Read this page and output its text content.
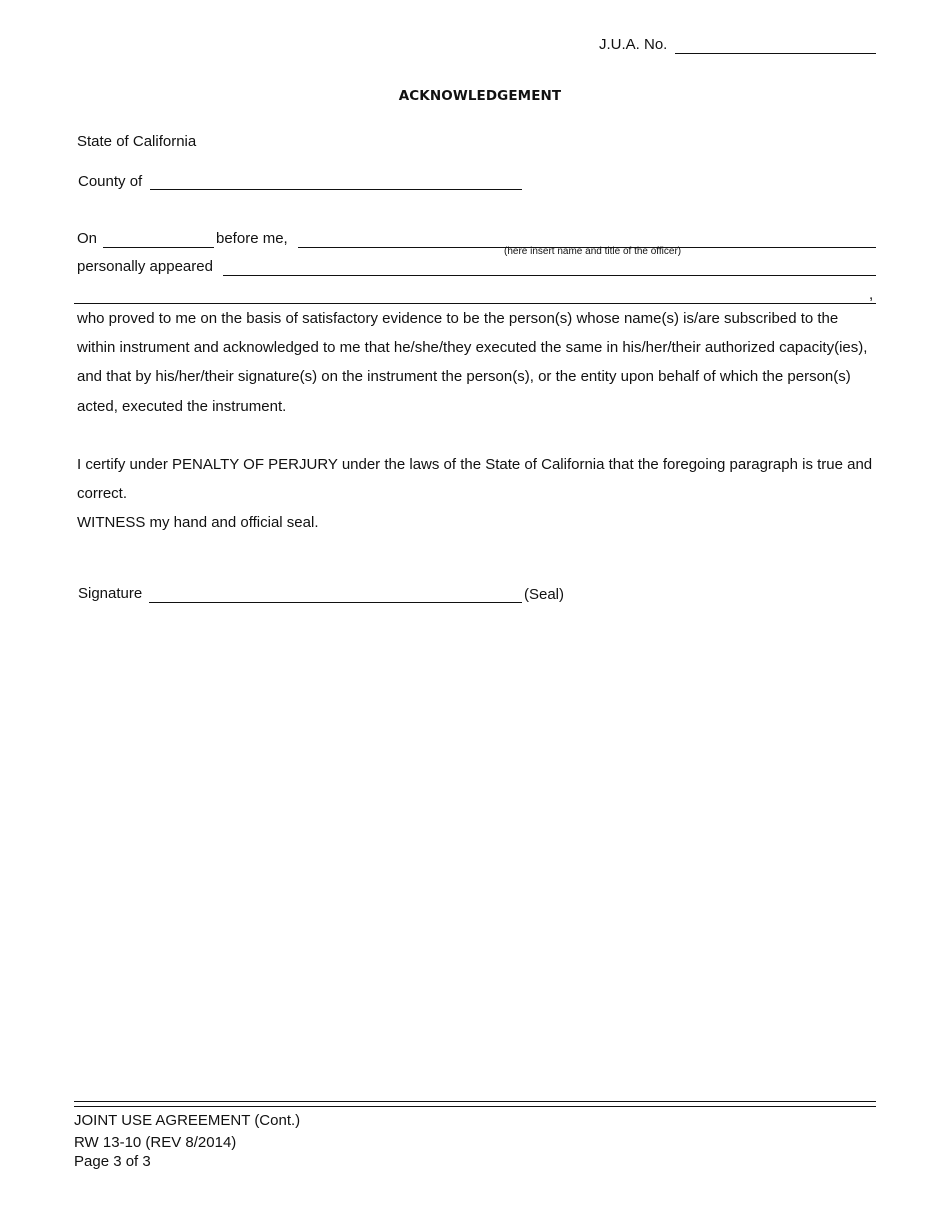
J.U.A. No.
ACKNOWLEDGEMENT
State of California
County of
On	before me,
(here insert name and title of the officer)
personally appeared
,
who proved to me on the basis of satisfactory evidence to be the person(s) whose name(s) is/are subscribed to the within instrument and acknowledged to me that he/she/they executed the same in his/her/their authorized capacity(ies), and that by his/her/their signature(s) on the instrument the person(s), or the entity upon behalf of which the person(s) acted, executed the instrument.
I certify under PENALTY OF PERJURY under the laws of the State of California that the foregoing paragraph is true and correct.
WITNESS my hand and official seal.
Signature	(Seal)
JOINT USE AGREEMENT (Cont.)
RW 13-10 (REV 8/2014)
Page 3 of 3
